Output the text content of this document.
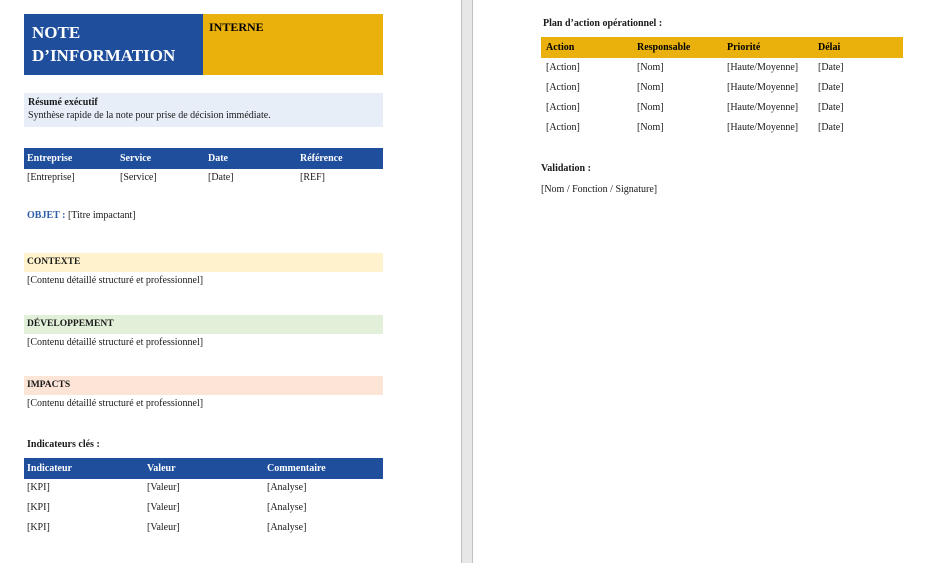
NOTE
D’INFORMATION
INTERNE
Résumé exécutif
Synthèse rapide de la note pour prise de décision immédiate.
Entreprise	Service	Date	Référence
[Entreprise]	[Service]	[Date]	[REF]
OBJET : [Titre impactant]
CONTEXTE
[Contenu détaillé structuré et professionnel]
DÉVELOPPEMENT
[Contenu détaillé structuré et professionnel]
IMPACTS
[Contenu détaillé structuré et professionnel]
Indicateurs clés :
Indicateur	Valeur	Commentaire
[KPI]	[Valeur]	[Analyse]
[KPI]	[Valeur]	[Analyse]
[KPI]	[Valeur]	[Analyse]
Plan d’action opérationnel :
Action	Responsable	Priorité	Délai
[Action]	[Nom]	[Haute/Moyenne]	[Date]
[Action]	[Nom]	[Haute/Moyenne]	[Date]
[Action]	[Nom]	[Haute/Moyenne]	[Date]
[Action]	[Nom]	[Haute/Moyenne]	[Date]
Validation :
[Nom / Fonction / Signature]
